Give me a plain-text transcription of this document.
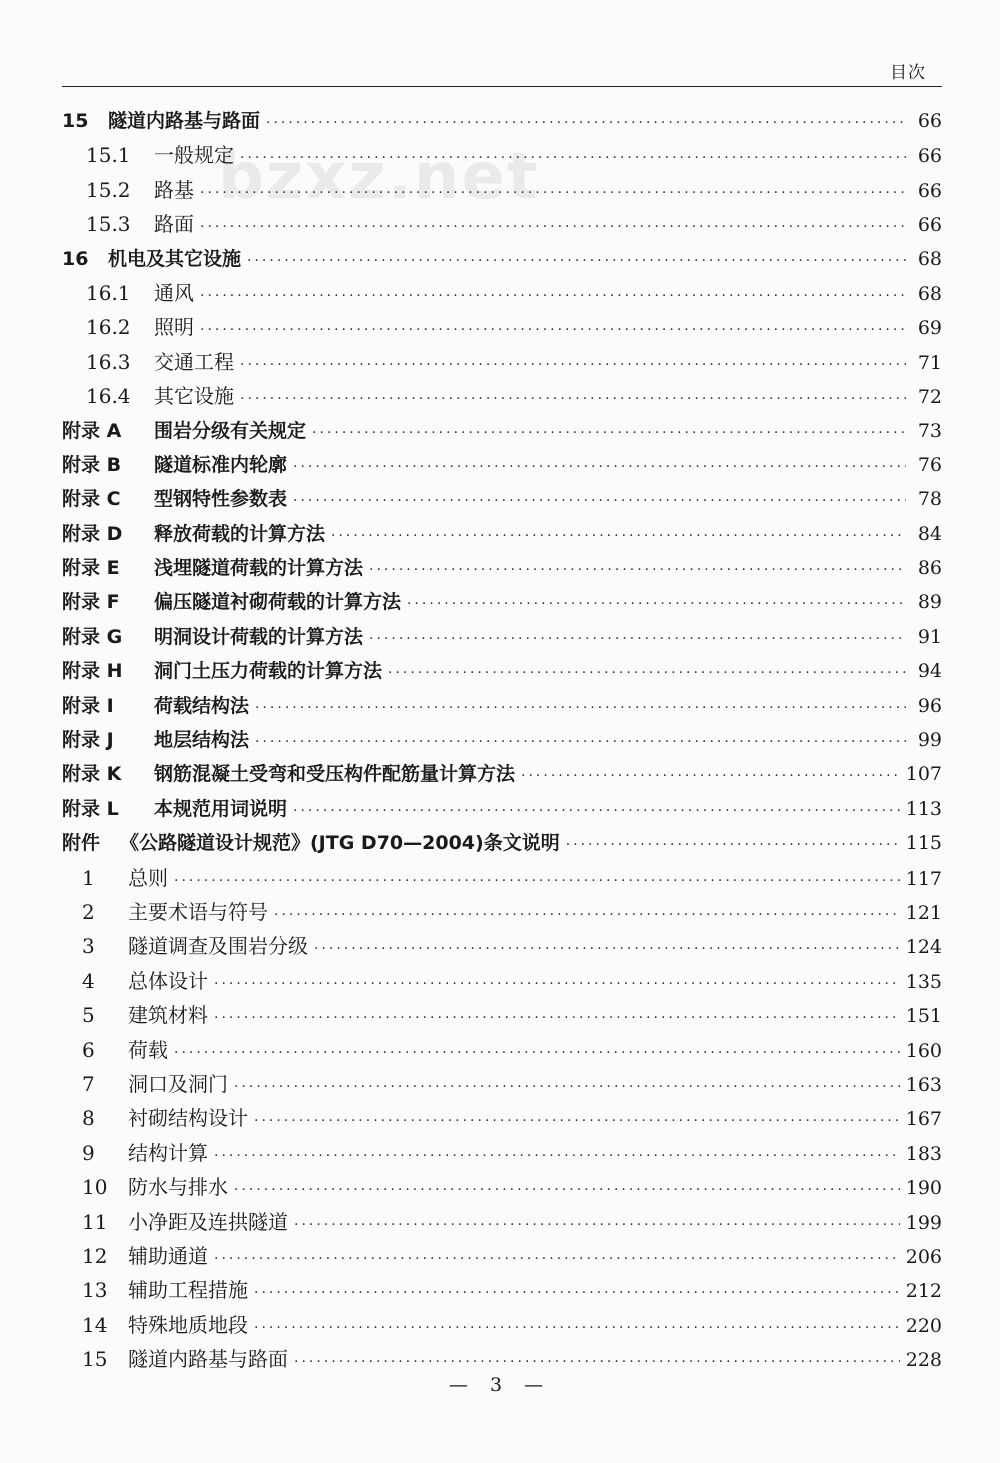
目次
bzxz.net
15	隧道内路基与路面 ·····	66
15.1	一般规定 ·····	66
15.2	路基 ·····	66
15.3	路面 ·····	66
16	机电及其它设施 ·····	68
16.1	通风 ·····	68
16.2	照明 ·····	69
16.3	交通工程 ·····	71
16.4	其它设施 ·····	72
附录 A	围岩分级有关规定 ·····	73
附录 B	隧道标准内轮廓 ·····	76
附录 C	型钢特性参数表 ·····	78
附录 D	释放荷载的计算方法 ·····	84
附录 E	浅埋隧道荷载的计算方法 ·····	86
附录 F	偏压隧道衬砌荷载的计算方法 ·····	89
附录 G	明洞设计荷载的计算方法 ·····	91
附录 H	洞门土压力荷载的计算方法 ·····	94
附录 I	荷载结构法 ·····	96
附录 J	地层结构法 ·····	99
附录 K	钢筋混凝土受弯和受压构件配筋量计算方法 ·····	107
附录 L	本规范用词说明 ·····	113
附件	《公路隧道设计规范》(JTG D70—2004)条文说明 ·····	115
1	总则 ·····	117
2	主要术语与符号 ·····	121
3	隧道调查及围岩分级 ·····	124
4	总体设计 ·····	135
5	建筑材料 ·····	151
6	荷载 ·····	160
7	洞口及洞门 ·····	163
8	衬砌结构设计 ·····	167
9	结构计算 ·····	183
10	防水与排水 ·····	190
11	小净距及连拱隧道 ·····	199
12	辅助通道 ·····	206
13	辅助工程措施 ·····	212
14	特殊地质地段 ·····	220
15	隧道内路基与路面 ·····	228
— 3 —
